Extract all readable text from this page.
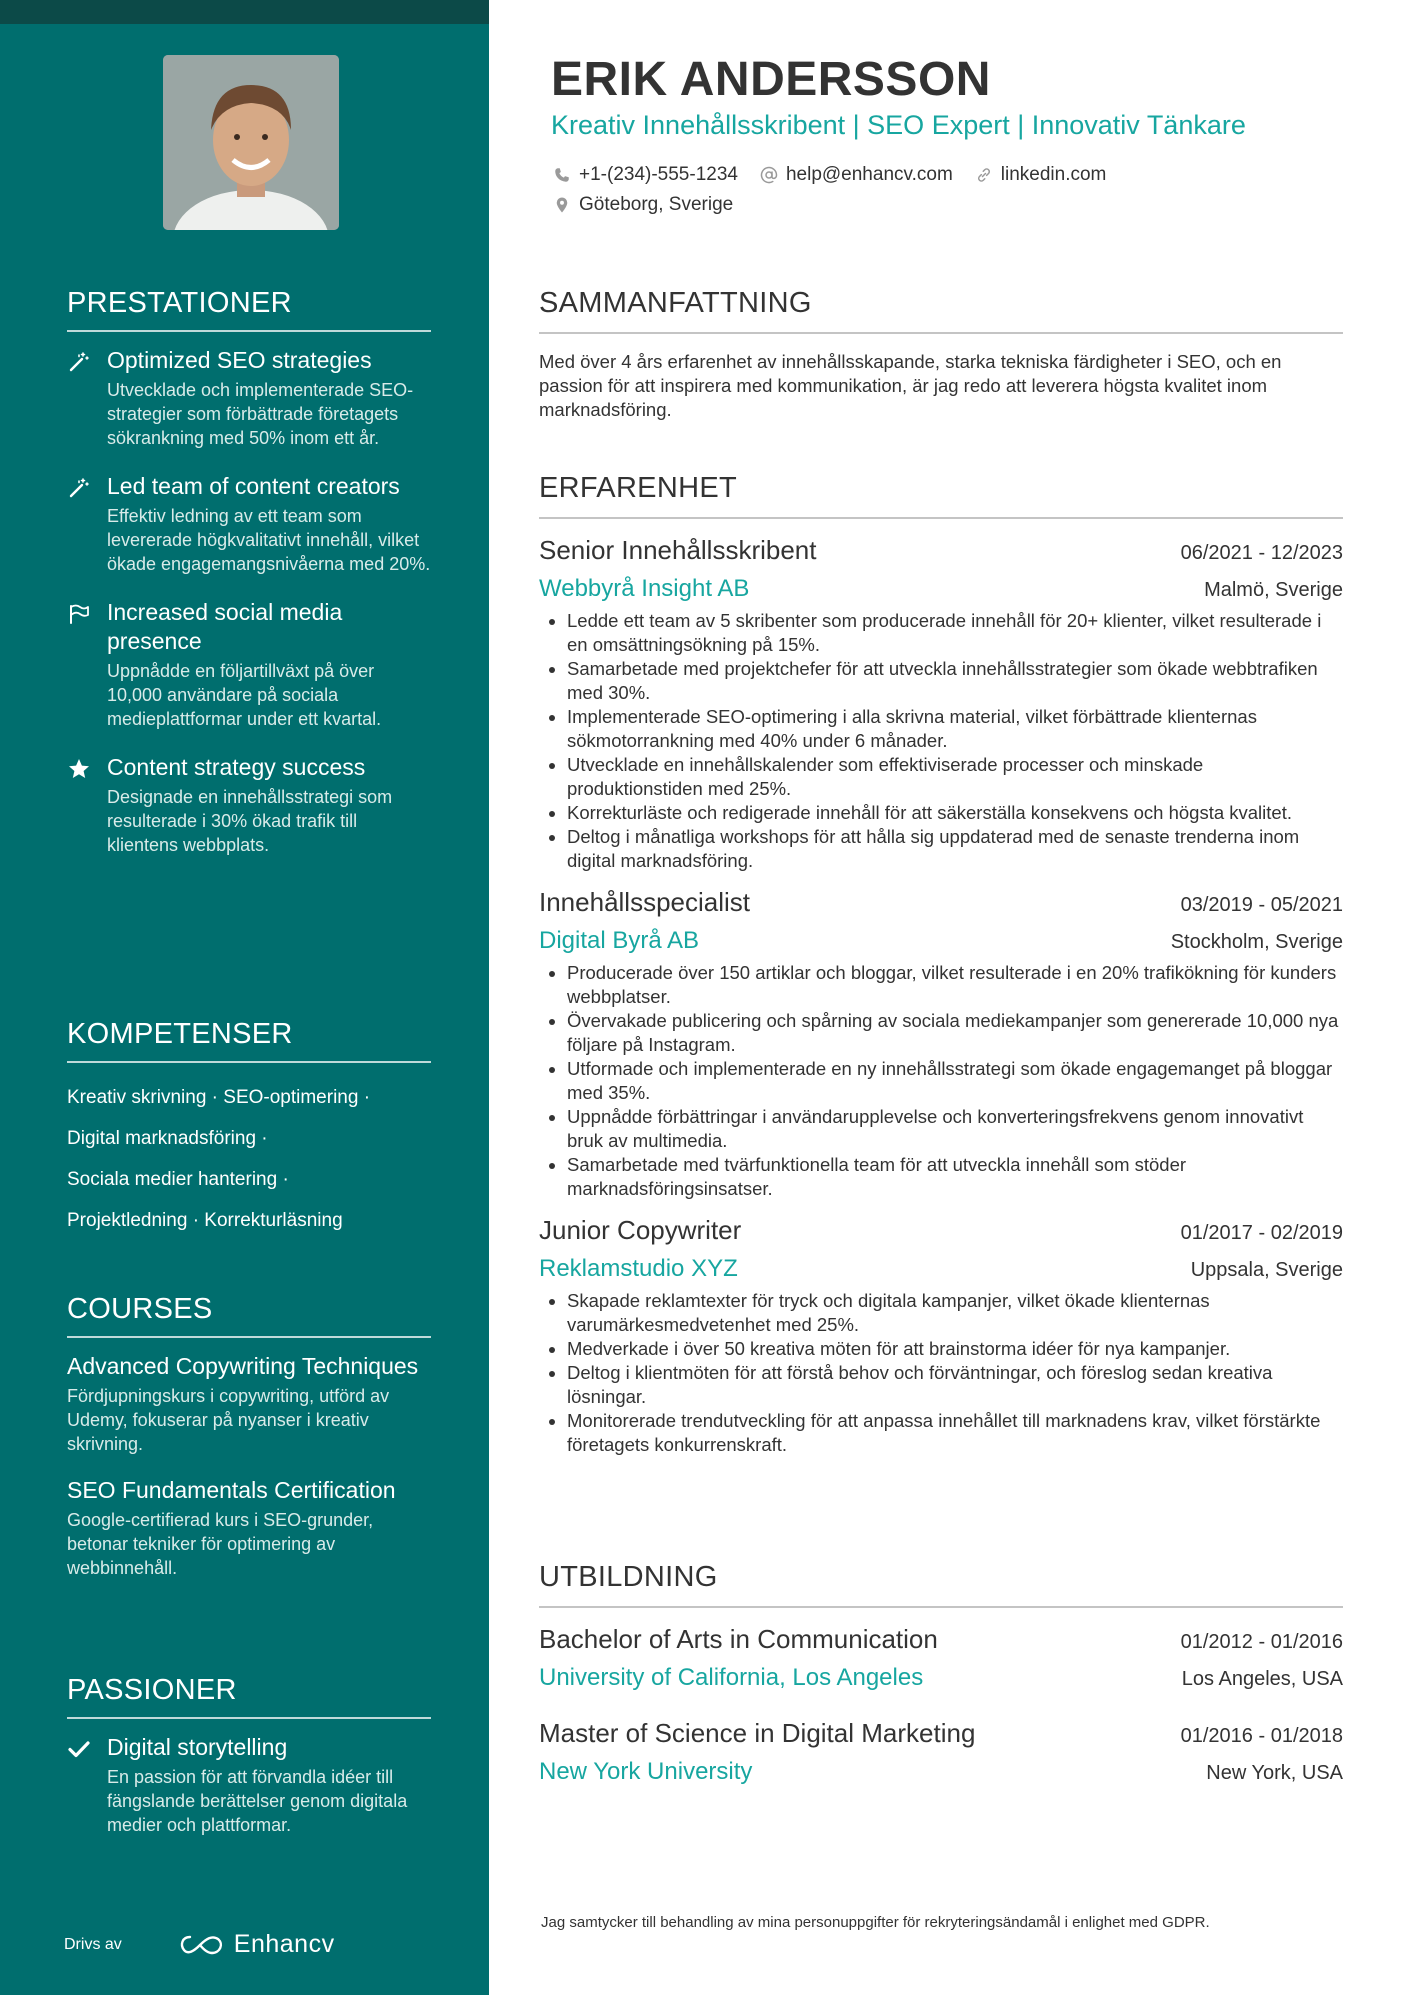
PRESTATIONER
Optimized SEO strategies
Utvecklade och implementerade SEO-strategier som förbättrade företagets sökrankning med 50% inom ett år.
Led team of content creators
Effektiv ledning av ett team som levererade högkvalitativt innehåll, vilket ökade engagemangsnivåerna med 20%.
Increased social media presence
Uppnådde en följartillväxt på över 10,000 användare på sociala medieplattformar under ett kvartal.
Content strategy success
Designade en innehållsstrategi som resulterade i 30% ökad trafik till klientens webbplats.
KOMPETENSER
Kreativ skrivning · SEO-optimering ·
Digital marknadsföring ·
Sociala medier hantering ·
Projektledning · Korrekturläsning
COURSES
Advanced Copywriting Techniques
Fördjupningskurs i copywriting, utförd av Udemy, fokuserar på nyanser i kreativ skrivning.
SEO Fundamentals Certification
Google-certifierad kurs i SEO-grunder, betonar tekniker för optimering av webbinnehåll.
PASSIONER
Digital storytelling
En passion för att förvandla idéer till fängslande berättelser genom digitala medier och plattformar.
Drivs av	Enhancv
ERIK ANDERSSON
Kreativ Innehållsskribent | SEO Expert | Innovativ Tänkare
+1-(234)-555-1234	help@enhancv.com	linkedin.com
Göteborg, Sverige
SAMMANFATTNING
Med över 4 års erfarenhet av innehållsskapande, starka tekniska färdigheter i SEO, och en passion för att inspirera med kommunikation, är jag redo att leverera högsta kvalitet inom marknadsföring.
ERFARENHET
Senior Innehållsskribent	06/2021 - 12/2023
Webbyrå Insight AB	Malmö, Sverige
Ledde ett team av 5 skribenter som producerade innehåll för 20+ klienter, vilket resulterade i en omsättningsökning på 15%.
Samarbetade med projektchefer för att utveckla innehållsstrategier som ökade webbtrafiken med 30%.
Implementerade SEO-optimering i alla skrivna material, vilket förbättrade klienternas sökmotorrankning med 40% under 6 månader.
Utvecklade en innehållskalender som effektiviserade processer och minskade produktionstiden med 25%.
Korrekturläste och redigerade innehåll för att säkerställa konsekvens och högsta kvalitet.
Deltog i månatliga workshops för att hålla sig uppdaterad med de senaste trenderna inom digital marknadsföring.
Innehållsspecialist	03/2019 - 05/2021
Digital Byrå AB	Stockholm, Sverige
Producerade över 150 artiklar och bloggar, vilket resulterade i en 20% trafikökning för kunders webbplatser.
Övervakade publicering och spårning av sociala mediekampanjer som genererade 10,000 nya följare på Instagram.
Utformade och implementerade en ny innehållsstrategi som ökade engagemanget på bloggar med 35%.
Uppnådde förbättringar i användarupplevelse och konverteringsfrekvens genom innovativt bruk av multimedia.
Samarbetade med tvärfunktionella team för att utveckla innehåll som stöder marknadsföringsinsatser.
Junior Copywriter	01/2017 - 02/2019
Reklamstudio XYZ	Uppsala, Sverige
Skapade reklamtexter för tryck och digitala kampanjer, vilket ökade klienternas varumärkesmedvetenhet med 25%.
Medverkade i över 50 kreativa möten för att brainstorma idéer för nya kampanjer.
Deltog i klientmöten för att förstå behov och förväntningar, och föreslog sedan kreativa lösningar.
Monitorerade trendutveckling för att anpassa innehållet till marknadens krav, vilket förstärkte företagets konkurrenskraft.
UTBILDNING
Bachelor of Arts in Communication	01/2012 - 01/2016
University of California, Los Angeles	Los Angeles, USA
Master of Science in Digital Marketing	01/2016 - 01/2018
New York University	New York, USA
Jag samtycker till behandling av mina personuppgifter för rekryteringsändamål i enlighet med GDPR.
